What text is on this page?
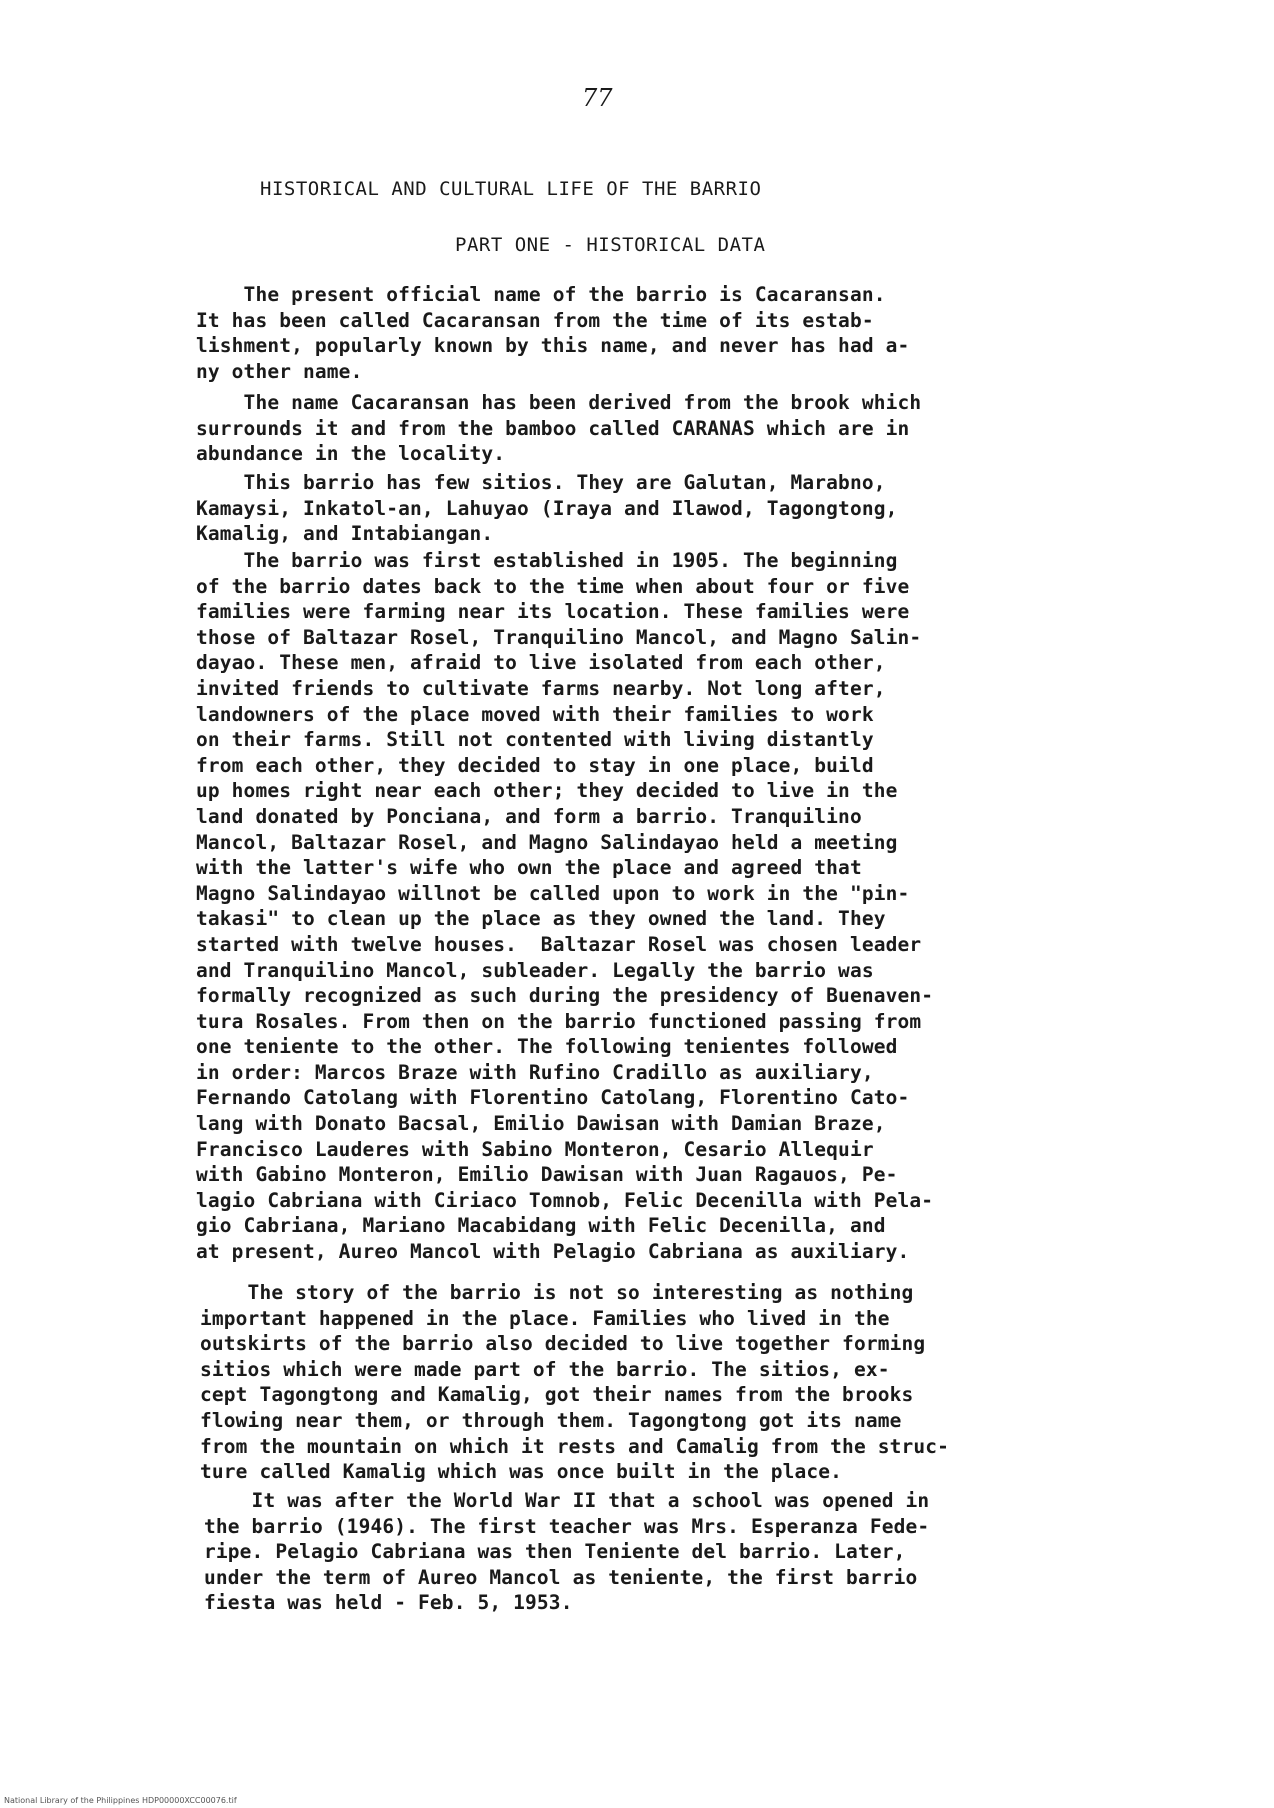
77
HISTORICAL AND CULTURAL LIFE OF THE BARRIO
PART ONE - HISTORICAL DATA

The present official name of the barrio is Cacaransan.
It has been called Cacaransan from the time of its estab-
lishment, popularly known by this name, and never has had a-
ny other name.

The name Cacaransan has been derived from the brook which
surrounds it and from the bamboo called CARANAS which are in
abundance in the locality.

This barrio has few sitios. They are Galutan, Marabno,
Kamaysi, Inkatol-an, Lahuyao (Iraya and Ilawod, Tagongtong,
Kamalig, and Intabiangan.

The barrio was first established in 1905. The beginning
of the barrio dates back to the time when about four or five
families were farming near its location. These families were
those of Baltazar Rosel, Tranquilino Mancol, and Magno Salin-
dayao. These men, afraid to live isolated from each other,
invited friends to cultivate farms nearby. Not long after,
landowners of the place moved with their families to work
on their farms. Still not contented with living distantly
from each other, they decided to stay in one place, build
up homes right near each other; they decided to live in the
land donated by Ponciana, and form a barrio. Tranquilino
Mancol, Baltazar Rosel, and Magno Salindayao held a meeting
with the latter's wife who own the place and agreed that
Magno Salindayao willnot be called upon to work in the "pin-
takasi" to clean up the place as they owned the land. They
started with twelve houses.  Baltazar Rosel was chosen leader
and Tranquilino Mancol, subleader. Legally the barrio was
formally recognized as such during the presidency of Buenaven-
tura Rosales. From then on the barrio functioned passing from
one teniente to the other. The following tenientes followed
in order: Marcos Braze with Rufino Cradillo as auxiliary,
Fernando Catolang with Florentino Catolang, Florentino Cato-
lang with Donato Bacsal, Emilio Dawisan with Damian Braze,
Francisco Lauderes with Sabino Monteron, Cesario Allequir
with Gabino Monteron, Emilio Dawisan with Juan Ragauos, Pe-
lagio Cabriana with Ciriaco Tomnob, Felic Decenilla with Pela-
gio Cabriana, Mariano Macabidang with Felic Decenilla, and
at present, Aureo Mancol with Pelagio Cabriana as auxiliary.

The story of the barrio is not so interesting as nothing
important happened in the place. Families who lived in the
outskirts of the barrio also decided to live together forming
sitios which were made part of the barrio. The sitios, ex-
cept Tagongtong and Kamalig, got their names from the brooks
flowing near them, or through them. Tagongtong got its name
from the mountain on which it rests and Camalig from the struc-
ture called Kamalig which was once built in the place.

It was after the World War II that a school was opened in
the barrio (1946). The first teacher was Mrs. Esperanza Fede-
ripe. Pelagio Cabriana was then Teniente del barrio. Later,
under the term of Aureo Mancol as teniente, the first barrio
fiesta was held - Feb. 5, 1953.

National Library of the Philippines HDP00000XCC00076.tif
